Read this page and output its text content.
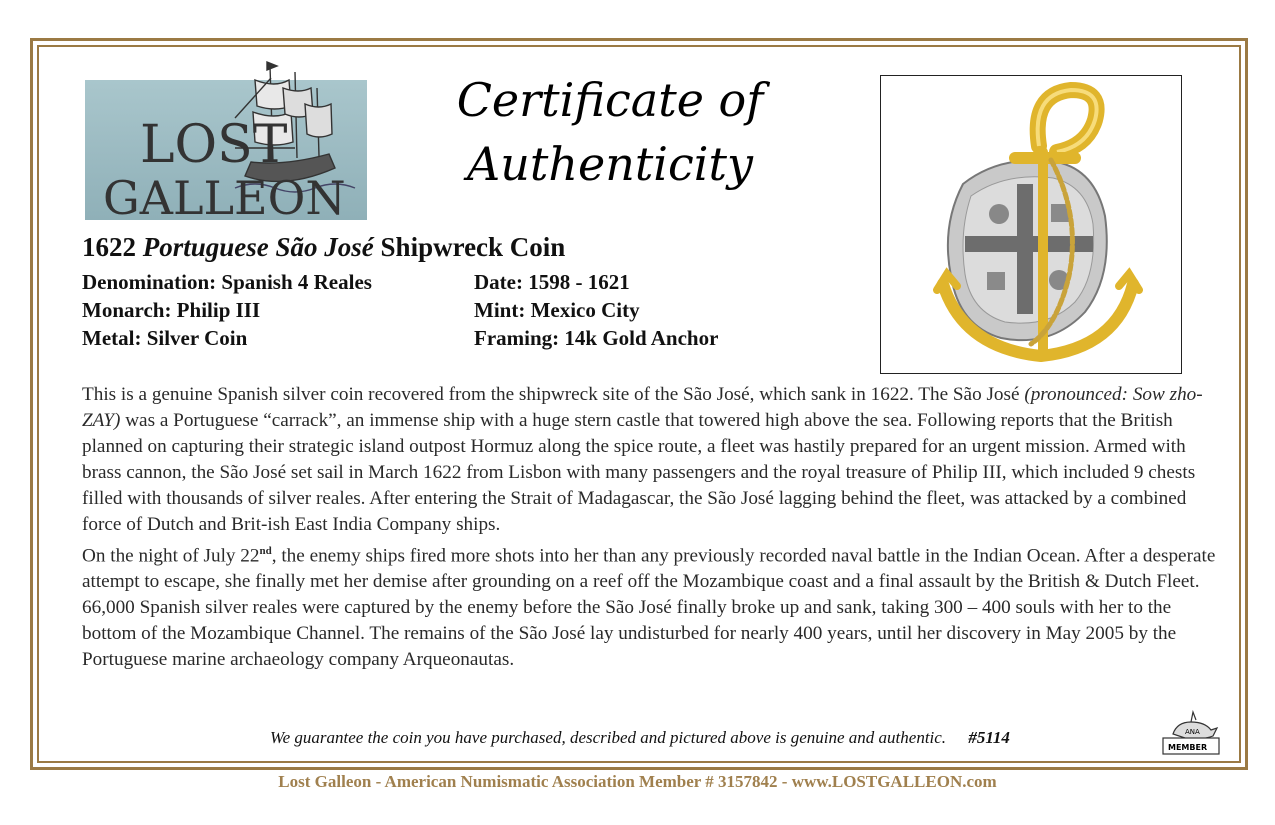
LOST
GALLEON
Certificate of
Authenticity
1622 Portuguese São José Shipwreck Coin
Denomination: Spanish 4 Reales
Monarch: Philip III
Metal: Silver Coin
Date: 1598 - 1621
Mint: Mexico City
Framing: 14k Gold Anchor

This is a genuine Spanish silver coin recovered from the shipwreck site of the São José, which sank in 1622. The São José (pronounced: Sow zho-ZAY) was a Portuguese “carrack”, an immense ship with a huge stern castle that towered high above the sea. Following reports that the British planned on capturing their strategic island outpost Hormuz along the spice route, a fleet was hastily prepared for an urgent mission. Armed with brass cannon, the São José set sail in March 1622 from Lisbon with many passengers and the royal treasure of Philip III, which included 9 chests filled with thousands of silver reales. After entering the Strait of Madagascar, the São José lagging behind the fleet, was attacked by a combined force of Dutch and Brit-ish East India Company ships.

On the night of July 22nd, the enemy ships fired more shots into her than any previously recorded naval battle in the Indian Ocean. After a desperate attempt to escape, she finally met her demise after grounding on a reef off the Mozambique coast and a final assault by the British & Dutch Fleet. 66,000 Spanish silver reales were captured by the enemy before the São José finally broke up and sank, taking 300 – 400 souls with her to the bottom of the Mozambique Channel. The remains of the São José lay undisturbed for nearly 400 years, until her discovery in May 2005 by the Portuguese marine archaeology company Arqueonautas.

We guarantee the coin you have purchased, described and pictured above is genuine and authentic. #5114	ANA
MEMBER
Lost Galleon - American Numismatic Association Member # 3157842 - www.LOSTGALLEON.com
